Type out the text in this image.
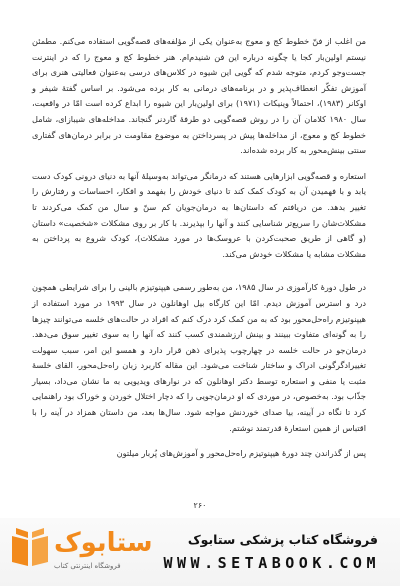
من اغلب از فنّ خطوط کج و معوج به‌عنوان یکی از مؤلفه‌های قصه‌گویی استفاده می‌کنم. مطمئن نیستم اولین‌بار کجا یا چگونه درباره این فن شنیدم‌ام. هنر خطوط کج و معوج را که در اینترنت جست‌وجو کردم، متوجه شدم که گویی این شیوه در کلاس‌های درسی به‌عنوان فعالیتی هنری برای آموزش تفکّر انعطاف‌پذیر و در برنامه‌های درمانی به کار برده می‌شود. بر اساس گفتهٔ شیفر و اوکانر (۱۹۸۳)، احتمالاً وینیکات (۱۹۷۱) برای اولین‌بار این شیوه را ابداع کرده است امّا در واقعیت، سال ۱۹۸۰ کلامان آن را در روش قصه‌گویی دو طرفهٔ گاردنر گنجاند. مداخله‌های شیبازای، شامل خطوط کج و معوج، از مداخله‌ها پیش در پسرداختن به موضوع مقاومت در برابر درمان‌های گفتاری سنتی بینش‌محور به کار برده شده‌اند.

استعاره و قصه‌گویی ابزارهایی هستند که درمانگر می‌تواند به‌وسیلهٔ آنها به دنیای درونی کودک دست یابد و با فهمیدن آن به کودک کمک کند تا دنیای خودش را بفهمد و افکار، احساسات و رفتارش را تغییر بدهد. من دریافتم که داستان‌ها به درمان‌جویان کم سنّ و سال من کمک می‌کردند تا مشکلات‌شان را سریع‌تر شناسایی کنند و آنها را بپذیرند. با کار بر روی مشکلات «شخصیت» داستان (و گاهی از طریق صحبت‌کردن با عروسک‌ها در مورد مشکلات)، کودک شروع به پرداختن به مشکلات مشابه یا مشکلات خودش می‌کند.

در طول دورهٔ کارآموزی در سال ۱۹۸۵، من به‌طور رسمی هیپنوتیزم بالینی را برای شرایطی همچون درد و استرس آموزش دیدم. امّا این کارگاه بیل اوهانلون در سال ۱۹۹۳ در مورد استفاده از هیپنوتیزم راه‌حل‌محور بود که به من کمک کرد درک کنم که افراد در حالت‌های خلسه می‌توانند چیزها را به گونه‌ای متفاوت ببینند و بینش ارزشمندی کسب کنند که آنها را به سوی تغییر سوق می‌دهد. درمان‌جو در حالت خلسه در چهارچوب پذیرای ذهن قرار دارد و همسو این امر، سبب سهولت تغییرادگرگونی ادراک و ساختار شناخت می‌شود. این مقاله کاربرد زبان راه‌حل‌محور، القای خلسهٔ مثبت یا منفی و استعاره توسط دکتر اوهانلون که در نوارهای ویدیویی به ما نشان می‌داد، بسیار جذّاب بود. به‌خصوص، در موردی که او درمان‌جویی را که دچار اختلال خوردن و خوراک بود راهنمایی کرد تا نگاه در آیینه، بیا صدای خوردنش مواجه شود. سال‌ها بعد، من داستان همزاد در آینه را با اقتباس از همین استعارهٔ قدرتمند نوشتم.

پس از گذراندن چند دورهٔ هیپنوتیزم راه‌حل‌محور و آموزش‌های پُربار میلتون

۲۶۰
ستابوک
فروشگاه اینترنتی کتاب
فروشگاه کتاب پزشکی ستابوک
WWW.SETABOOK.COM
